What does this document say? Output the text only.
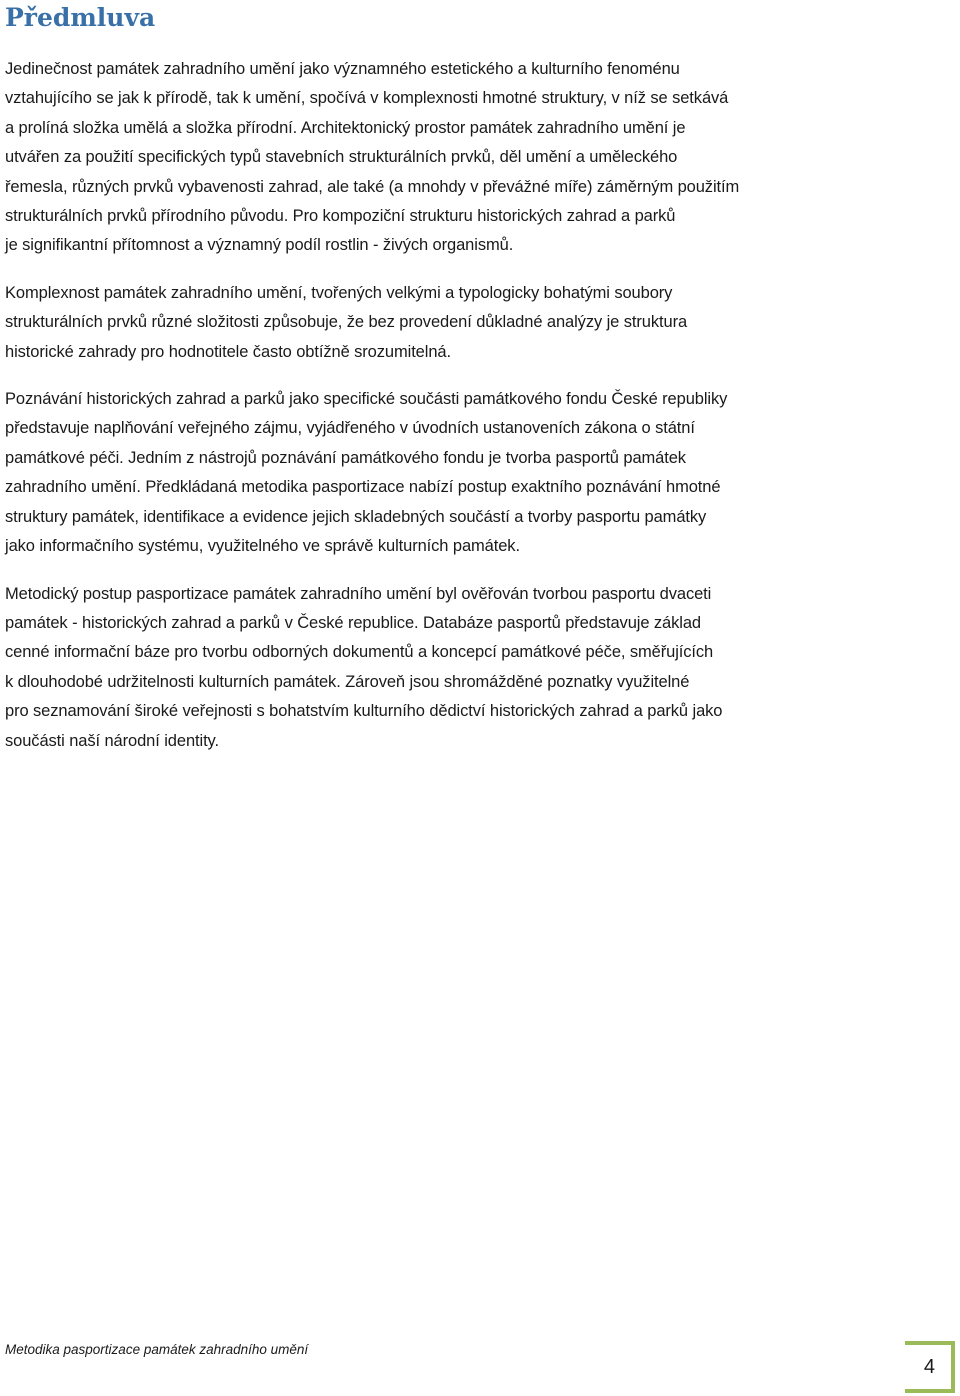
Předmluva

Jedinečnost památek zahradního umění jako významného estetického a kulturního fenoménu
vztahujícího se jak k přírodě, tak k umění, spočívá v komplexnosti hmotné struktury, v níž se setkává
a prolíná složka umělá a složka přírodní. Architektonický prostor památek zahradního umění je
utvářen za použití specifických typů stavebních strukturálních prvků, děl umění a uměleckého
řemesla, různých prvků vybavenosti zahrad, ale také (a mnohdy v převážné míře) záměrným použitím
strukturálních prvků přírodního původu. Pro kompoziční strukturu historických zahrad a parků
je signifikantní přítomnost a významný podíl rostlin - živých organismů.

Komplexnost památek zahradního umění, tvořených velkými a typologicky bohatými soubory
strukturálních prvků různé složitosti způsobuje, že bez provedení důkladné analýzy je struktura
historické zahrady pro hodnotitele často obtížně srozumitelná.

Poznávání historických zahrad a parků jako specifické součásti památkového fondu České republiky
představuje naplňování veřejného zájmu, vyjádřeného v úvodních ustanoveních zákona o státní
památkové péči. Jedním z nástrojů poznávání památkového fondu je tvorba pasportů památek
zahradního umění. Předkládaná metodika pasportizace nabízí postup exaktního poznávání hmotné
struktury památek, identifikace a evidence jejich skladebných součástí a tvorby pasportu památky
jako informačního systému, využitelného ve správě kulturních památek.

Metodický postup pasportizace památek zahradního umění byl ověřován tvorbou pasportu dvaceti
památek - historických zahrad a parků v České republice. Databáze pasportů představuje základ
cenné informační báze pro tvorbu odborných dokumentů a koncepcí památkové péče, směřujících
k dlouhodobé udržitelnosti kulturních památek. Zároveň jsou shromážděné poznatky využitelné
pro seznamování široké veřejnosti s bohatstvím kulturního dědictví historických zahrad a parků jako
součásti naší národní identity.

Metodika pasportizace památek zahradního umění
4
